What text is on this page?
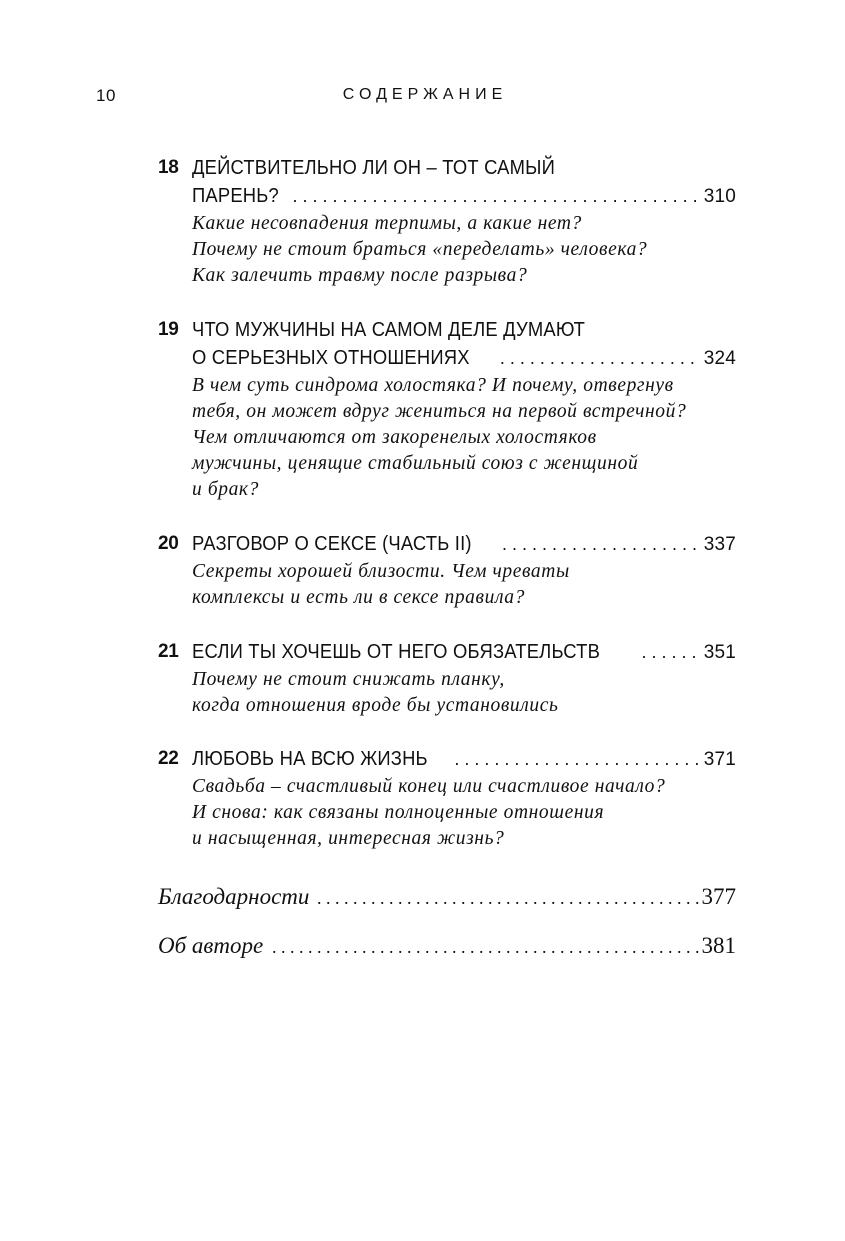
10	СОДЕРЖАНИЕ
18 ДЕЙСТВИТЕЛЬНО ЛИ ОН – ТОТ САМЫЙ
ПАРЕНЬ? . . .	310
Какие несовпадения терпимы, а какие нет?
Почему не стоит браться «переделать» человека?
Как залечить травму после разрыва?
19 ЧТО МУЖЧИНЫ НА САМОМ ДЕЛЕ ДУМАЮТ
О СЕРЬЕЗНЫХ ОТНОШЕНИЯХ . . .	324
В чем суть синдрома холостяка? И почему, отвергнув
тебя, он может вдруг жениться на первой встречной?
Чем отличаются от закоренелых холостяков
мужчины, ценящие стабильный союз с женщиной
и брак?
20 РАЗГОВОР О СЕКСЕ (ЧАСТЬ II) . . .	337
Секреты хорошей близости. Чем чреваты
комплексы и есть ли в сексе правила?
21 ЕСЛИ ТЫ ХОЧЕШЬ ОТ НЕГО ОБЯЗАТЕЛЬСТВ . . .	351
Почему не стоит снижать планку,
когда отношения вроде бы установились
22 ЛЮБОВЬ НА ВСЮ ЖИЗНЬ . . .	371
Свадьба – счастливый конец или счастливое начало?
И снова: как связаны полноценные отношения
и насыщенная, интересная жизнь?
Благодарности . . .	377
Об авторе . . .	381
